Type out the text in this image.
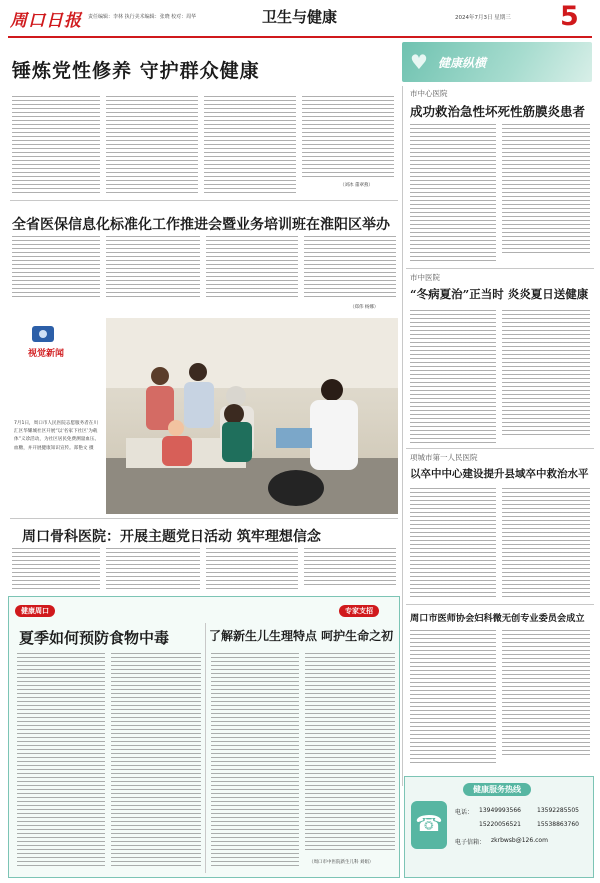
周口日报 责任编辑：李林 执行美术编辑：张晓 校对：周华	卫生与健康	2024年7月3日 星期三 5
♥ 健康纵横
锤炼党性修养 守护群众健康
（刘冰 董翠燕）
全省医保信息化标准化工作推进会暨业务培训班在淮阳区举办
（郑伟 杨娜）
视觉新闻
7月1日，周口市人民医院志愿服务者在川汇区华耀城社区开展“以‘名家下社区’为载体”义诊活动，为社区居民免费测量血压、血糖，并开展健康知识宣传。郑艳文 摄
周口骨科医院：开展主题党日活动 筑牢理想信念
健康周口
夏季如何预防食物中毒
专家支招
了解新生儿生理特点 呵护生命之初
（周口市中医院新生儿科 刘娟）
市中心医院
成功救治急性坏死性筋膜炎患者
市中医院
“冬病夏治”正当时 炎炎夏日送健康
项城市第一人民医院
以卒中中心建设提升县域卒中救治水平
周口市医师协会妇科微无创专业委员会成立
☎
健康服务热线
电话： 13949993566	13592285505
15220056521	15538863760
电子信箱： zkrbwsb@126.com
